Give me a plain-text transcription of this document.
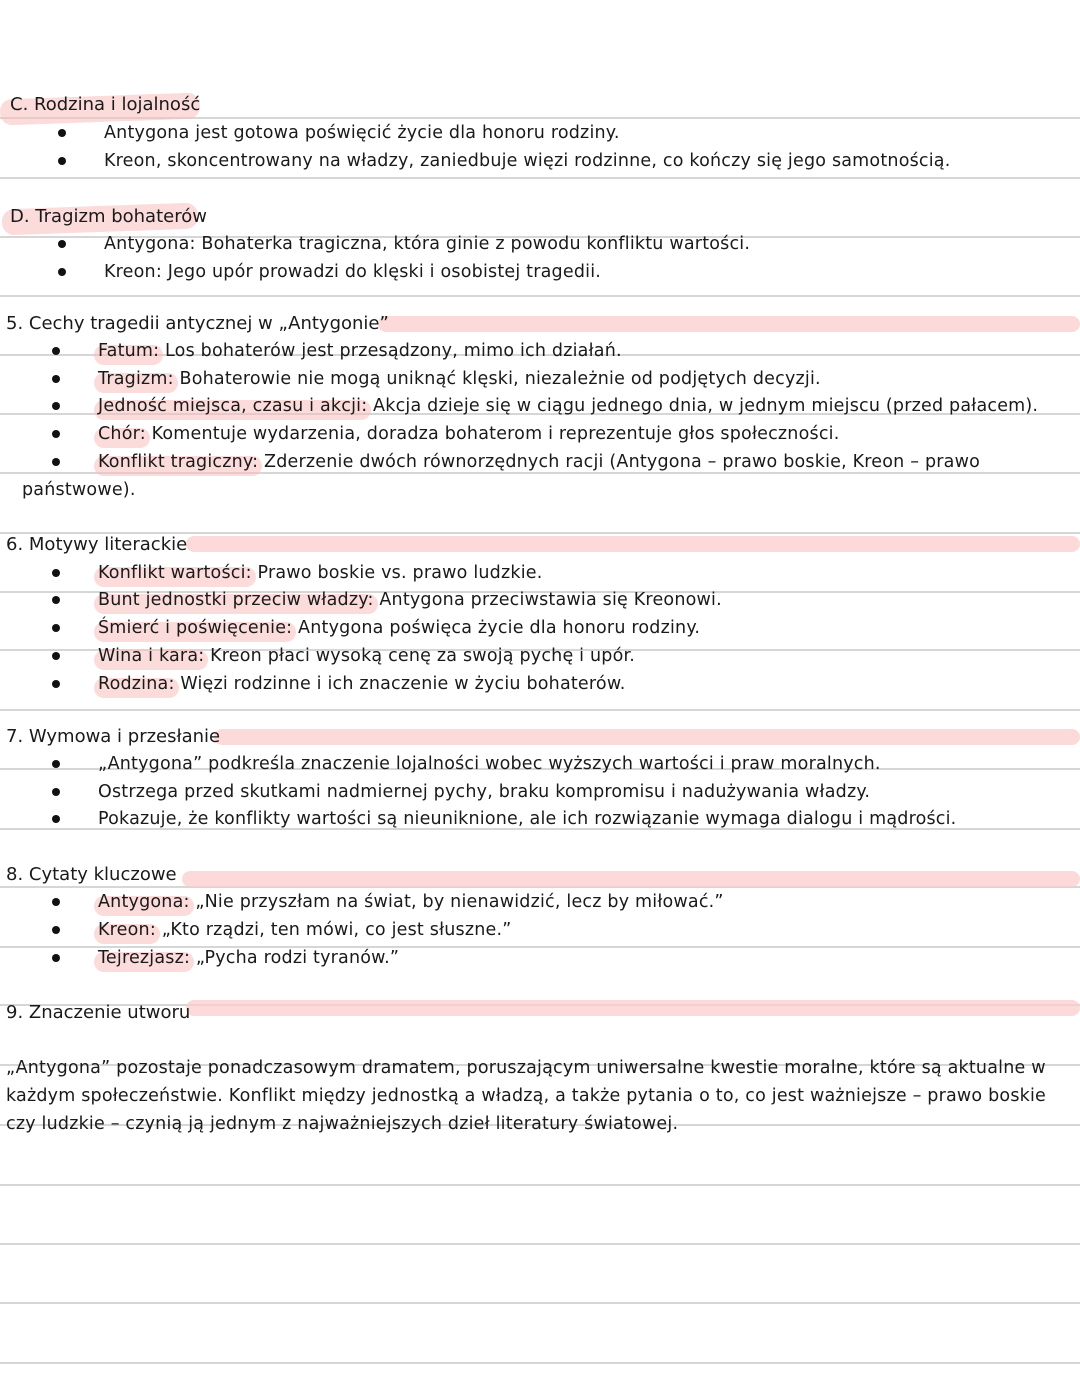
C. Rodzina i lojalność
Antygona jest gotowa poświęcić życie dla honoru rodziny.
Kreon, skoncentrowany na władzy, zaniedbuje więzi rodzinne, co kończy się jego samotnością.
D. Tragizm bohaterów
Antygona: Bohaterka tragiczna, która ginie z powodu konfliktu wartości.
Kreon: Jego upór prowadzi do klęski i osobistej tragedii.
5. Cechy tragedii antycznej w „Antygonie”
Fatum: Los bohaterów jest przesądzony, mimo ich działań.
Tragizm: Bohaterowie nie mogą uniknąć klęski, niezależnie od podjętych decyzji.
Jedność miejsca, czasu i akcji: Akcja dzieje się w ciągu jednego dnia, w jednym miejscu (przed pałacem).
Chór: Komentuje wydarzenia, doradza bohaterom i reprezentuje głos społeczności.
Konflikt tragiczny: Zderzenie dwóch równorzędnych racji (Antygona – prawo boskie, Kreon – prawo
państwowe).
6. Motywy literackie
Konflikt wartości: Prawo boskie vs. prawo ludzkie.
Bunt jednostki przeciw władzy: Antygona przeciwstawia się Kreonowi.
Śmierć i poświęcenie: Antygona poświęca życie dla honoru rodziny.
Wina i kara: Kreon płaci wysoką cenę za swoją pychę i upór.
Rodzina: Więzi rodzinne i ich znaczenie w życiu bohaterów.
7. Wymowa i przesłanie
„Antygona” podkreśla znaczenie lojalności wobec wyższych wartości i praw moralnych.
Ostrzega przed skutkami nadmiernej pychy, braku kompromisu i nadużywania władzy.
Pokazuje, że konflikty wartości są nieuniknione, ale ich rozwiązanie wymaga dialogu i mądrości.
8. Cytaty kluczowe
Antygona: „Nie przyszłam na świat, by nienawidzić, lecz by miłować.”
Kreon: „Kto rządzi, ten mówi, co jest słuszne.”
Tejrezjasz: „Pycha rodzi tyranów.”
9. Znaczenie utworu
„Antygona” pozostaje ponadczasowym dramatem, poruszającym uniwersalne kwestie moralne, które są aktualne w
każdym społeczeństwie. Konflikt między jednostką a władzą, a także pytania o to, co jest ważniejsze – prawo boskie
czy ludzkie – czynią ją jednym z najważniejszych dzieł literatury światowej.
